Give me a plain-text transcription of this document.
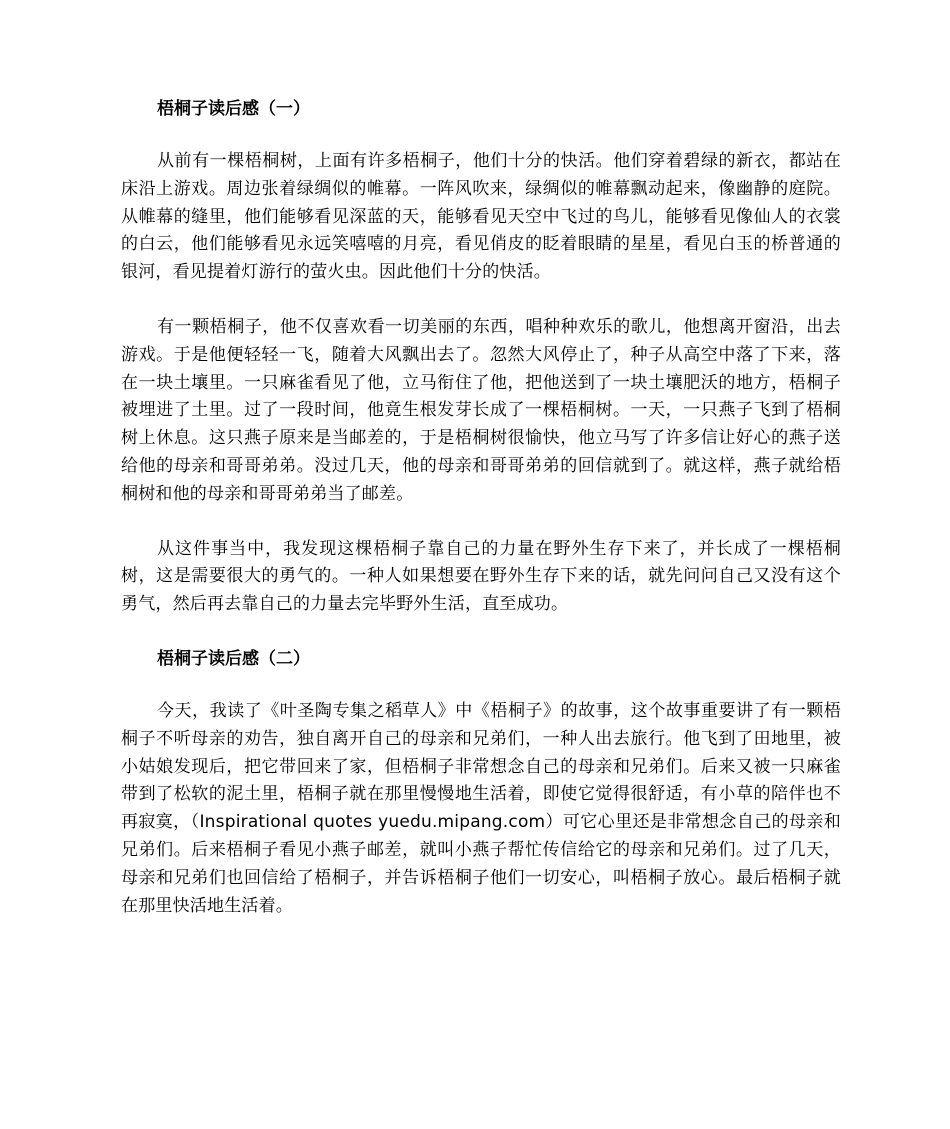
梧桐子读后感（一）

从前有一棵梧桐树，上面有许多梧桐子，他们十分的快活。他们穿着碧绿的新衣，都站在床沿上游戏。周边张着绿绸似的帷幕。一阵风吹来，绿绸似的帷幕飘动起来，像幽静的庭院。从帷幕的缝里，他们能够看见深蓝的天，能够看见天空中飞过的鸟儿，能够看见像仙人的衣裳的白云，他们能够看见永远笑嘻嘻的月亮，看见俏皮的眨着眼睛的星星，看见白玉的桥普通的银河，看见提着灯游行的萤火虫。因此他们十分的快活。

有一颗梧桐子，他不仅喜欢看一切美丽的东西，唱种种欢乐的歌儿，他想离开窗沿，出去游戏。于是他便轻轻一飞，随着大风飘出去了。忽然大风停止了，种子从高空中落了下来，落在一块土壤里。一只麻雀看见了他，立马衔住了他，把他送到了一块土壤肥沃的地方，梧桐子被埋进了土里。过了一段时间，他竟生根发芽长成了一棵梧桐树。一天，一只燕子飞到了梧桐树上休息。这只燕子原来是当邮差的，于是梧桐树很愉快，他立马写了许多信让好心的燕子送给他的母亲和哥哥弟弟。没过几天，他的母亲和哥哥弟弟的回信就到了。就这样，燕子就给梧桐树和他的母亲和哥哥弟弟当了邮差。

从这件事当中，我发现这棵梧桐子靠自己的力量在野外生存下来了，并长成了一棵梧桐树，这是需要很大的勇气的。一种人如果想要在野外生存下来的话，就先问问自己又没有这个勇气，然后再去靠自己的力量去完毕野外生活，直至成功。

梧桐子读后感（二）

今天，我读了《叶圣陶专集之稻草人》中《梧桐子》的故事，这个故事重要讲了有一颗梧桐子不听母亲的劝告，独自离开自己的母亲和兄弟们，一种人出去旅行。他飞到了田地里，被小姑娘发现后，把它带回来了家，但梧桐子非常想念自己的母亲和兄弟们。后来又被一只麻雀带到了松软的泥土里，梧桐子就在那里慢慢地生活着，即使它觉得很舒适，有小草的陪伴也不再寂寞，（Inspirational quotes yuedu.mipang.com）可它心里还是非常想念自己的母亲和兄弟们。后来梧桐子看见小燕子邮差，就叫小燕子帮忙传信给它的母亲和兄弟们。过了几天，母亲和兄弟们也回信给了梧桐子，并告诉梧桐子他们一切安心，叫梧桐子放心。最后梧桐子就在那里快活地生活着。
